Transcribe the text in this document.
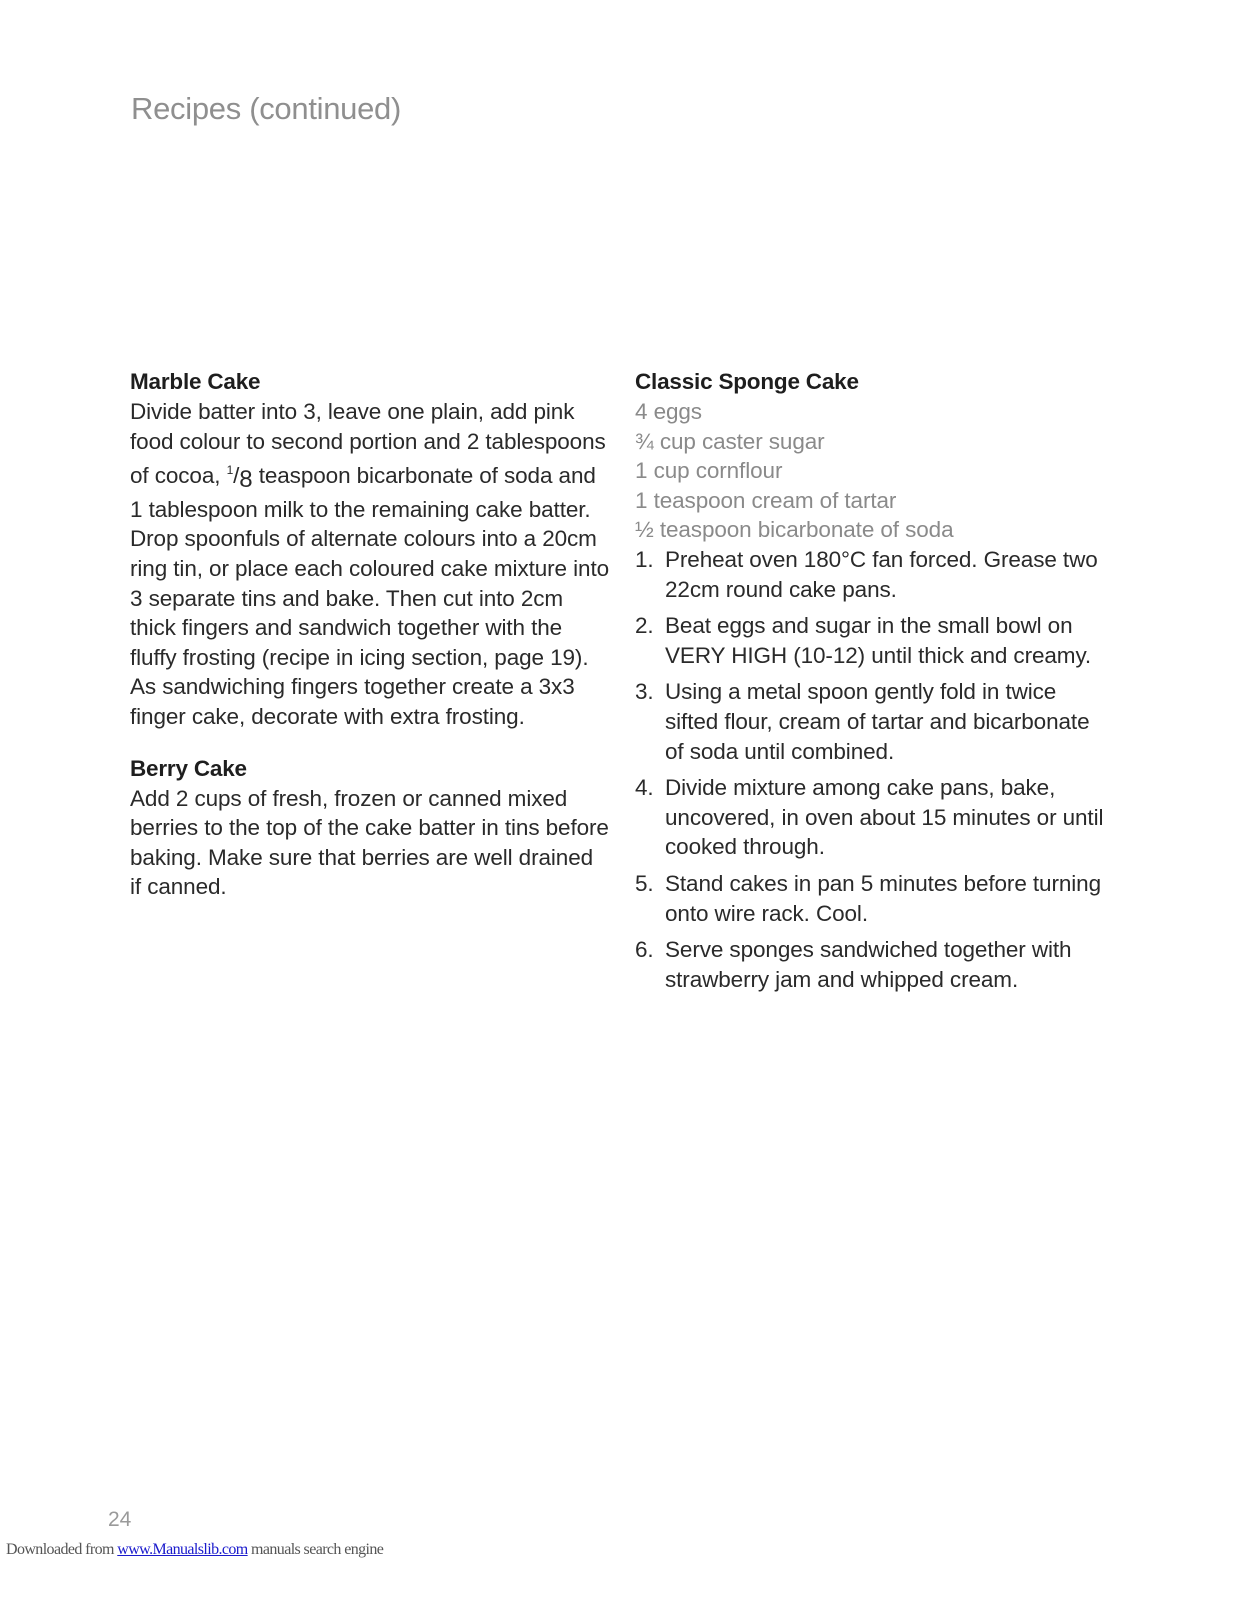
Recipes (continued)
Marble Cake

Divide batter into 3, leave one plain, add pink food colour to second portion and 2 tablespoons of cocoa, $^1$/8 teaspoon bicarbonate of soda and 1 tablespoon milk to the remaining cake batter. Drop spoonfuls of alternate colours into a 20cm ring tin, or place each coloured cake mixture into 3 separate tins and bake. Then cut into 2cm thick fingers and sandwich together with the fluffy frosting (recipe in icing section, page 19). As sandwiching fingers together create a 3x3 finger cake, decorate with extra frosting.

Berry Cake

Add 2 cups of fresh, frozen or canned mixed berries to the top of the cake batter in tins before baking. Make sure that berries are well drained if canned.

Classic Sponge Cake
4 eggs
¾ cup caster sugar
1 cup cornflour
1 teaspoon cream of tartar
½ teaspoon bicarbonate of soda
1. Preheat oven 180°C fan forced. Grease two 22cm round cake pans.
2. Beat eggs and sugar in the small bowl on VERY HIGH (10-12) until thick and creamy.
3. Using a metal spoon gently fold in twice sifted flour, cream of tartar and bicarbonate of soda until combined.
4. Divide mixture among cake pans, bake, uncovered, in oven about 15 minutes or until cooked through.
5. Stand cakes in pan 5 minutes before turning onto wire rack. Cool.
6. Serve sponges sandwiched together with strawberry jam and whipped cream.
24
Downloaded from www.Manualslib.com manuals search engine
